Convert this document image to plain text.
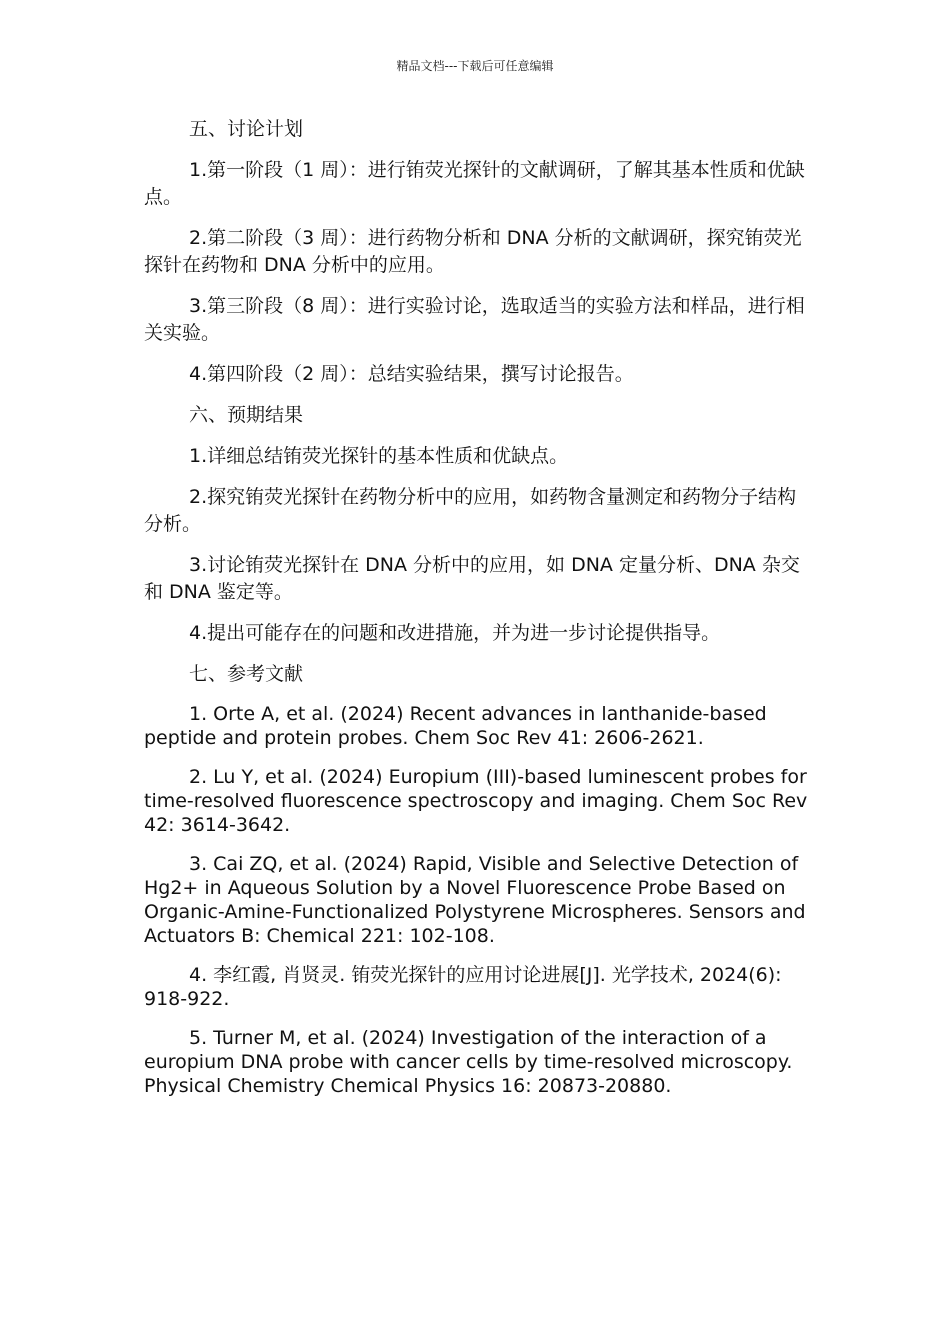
精品文档---下载后可任意编辑

五、讨论计划

1.第一阶段（1 周）：进行铕荧光探针的文献调研，了解其基本性质和优缺点。

2.第二阶段（3 周）：进行药物分析和 DNA 分析的文献调研，探究铕荧光探针在药物和 DNA 分析中的应用。

3.第三阶段（8 周）：进行实验讨论，选取适当的实验方法和样品，进行相关实验。

4.第四阶段（2 周）：总结实验结果，撰写讨论报告。

六、预期结果

1.详细总结铕荧光探针的基本性质和优缺点。

2.探究铕荧光探针在药物分析中的应用，如药物含量测定和药物分子结构分析。

3.讨论铕荧光探针在 DNA 分析中的应用，如 DNA 定量分析、DNA 杂交和 DNA 鉴定等。

4.提出可能存在的问题和改进措施，并为进一步讨论提供指导。

七、参考文献

1. Orte A, et al. (2024) Recent advances in lanthanide-based peptide and protein probes. Chem Soc Rev 41: 2606-2621.

2. Lu Y, et al. (2024) Europium (III)-based luminescent probes for time-resolved fluorescence spectroscopy and imaging. Chem Soc Rev 42: 3614-3642.

3. Cai ZQ, et al. (2024) Rapid, Visible and Selective Detection of Hg2+ in Aqueous Solution by a Novel Fluorescence Probe Based on Organic-Amine-Functionalized Polystyrene Microspheres. Sensors and Actuators B: Chemical 221: 102-108.

4. 李红霞, 肖贤灵. 铕荧光探针的应用讨论进展[J]. 光学技术, 2024(6): 918-922.

5. Turner M, et al. (2024) Investigation of the interaction of a europium DNA probe with cancer cells by time-resolved microscopy. Physical Chemistry Chemical Physics 16: 20873-20880.
